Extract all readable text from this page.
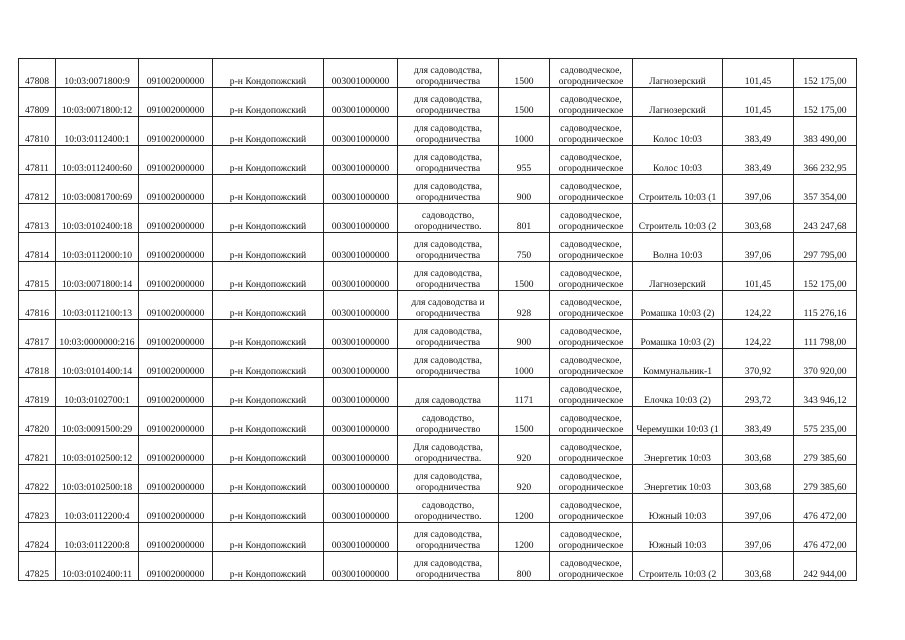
47808	10:03:0071800:9	091002000000	р-н Кондопожский	003001000000	для садоводства,
огородничества	1500	садоводческое,
огородническое	Лагнозерский	101,45	152 175,00
47809	10:03:0071800:12	091002000000	р-н Кондопожский	003001000000	для садоводства,
огородничества	1500	садоводческое,
огородническое	Лагнозерский	101,45	152 175,00
47810	10:03:0112400:1	091002000000	р-н Кондопожский	003001000000	для садоводства,
огородничества	1000	садоводческое,
огородническое	Колос 10:03	383,49	383 490,00
47811	10:03:0112400:60	091002000000	р-н Кондопожский	003001000000	для садоводства,
огородничества	955	садоводческое,
огородническое	Колос 10:03	383,49	366 232,95
47812	10:03:0081700:69	091002000000	р-н Кондопожский	003001000000	для садоводства,
огородничества	900	садоводческое,
огородническое	Строитель 10:03 (1	397,06	357 354,00
47813	10:03:0102400:18	091002000000	р-н Кондопожский	003001000000	садоводство,
огородничество.	801	садоводческое,
огородническое	Строитель 10:03 (2	303,68	243 247,68
47814	10:03:0112000:10	091002000000	р-н Кондопожский	003001000000	для садоводства,
огородничества	750	садоводческое,
огородническое	Волна 10:03	397,06	297 795,00
47815	10:03:0071800:14	091002000000	р-н Кондопожский	003001000000	для садоводства,
огородничества	1500	садоводческое,
огородническое	Лагнозерский	101,45	152 175,00
47816	10:03:0112100:13	091002000000	р-н Кондопожский	003001000000	для садоводства и
огородничества	928	садоводческое,
огородническое	Ромашка 10:03 (2)	124,22	115 276,16
47817	10:03:0000000:216	091002000000	р-н Кондопожский	003001000000	для садоводства,
огородничества	900	садоводческое,
огородническое	Ромашка 10:03 (2)	124,22	111 798,00
47818	10:03:0101400:14	091002000000	р-н Кондопожский	003001000000	для садоводства,
огородничества	1000	садоводческое,
огородническое	Коммунальник-1	370,92	370 920,00
47819	10:03:0102700:1	091002000000	р-н Кондопожский	003001000000	для садоводства	1171	садоводческое,
огородническое	Елочка 10:03 (2)	293,72	343 946,12
47820	10:03:0091500:29	091002000000	р-н Кондопожский	003001000000	садоводство,
огородничество	1500	садоводческое,
огородническое	Черемушки 10:03 (1	383,49	575 235,00
47821	10:03:0102500:12	091002000000	р-н Кондопожский	003001000000	Для садоводства,
огородничества.	920	садоводческое,
огородническое	Энергетик 10:03	303,68	279 385,60
47822	10:03:0102500:18	091002000000	р-н Кондопожский	003001000000	для садоводства,
огородничества	920	садоводческое,
огородническое	Энергетик 10:03	303,68	279 385,60
47823	10:03:0112200:4	091002000000	р-н Кондопожский	003001000000	садоводство,
огородничество.	1200	садоводческое,
огородническое	Южный 10:03	397,06	476 472,00
47824	10:03:0112200:8	091002000000	р-н Кондопожский	003001000000	для садоводства,
огородничества	1200	садоводческое,
огородническое	Южный 10:03	397,06	476 472,00
47825	10:03:0102400:11	091002000000	р-н Кондопожский	003001000000	для садоводства,
огородничества	800	садоводческое,
огородническое	Строитель 10:03 (2	303,68	242 944,00
